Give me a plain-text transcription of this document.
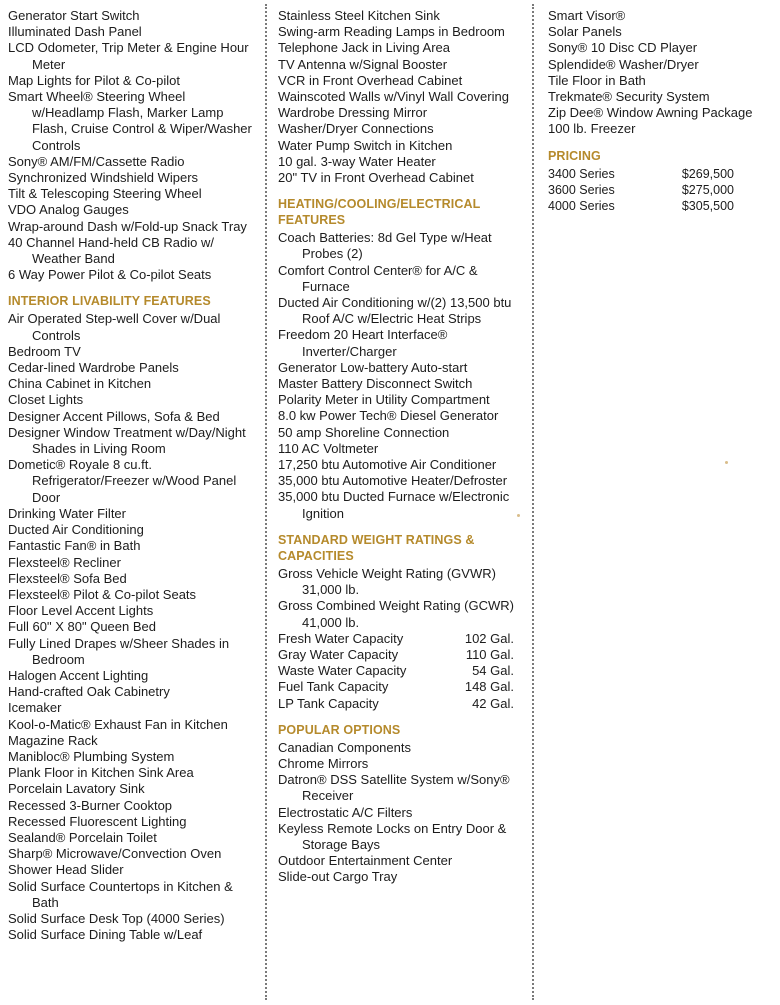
Generator Start Switch
Illuminated Dash Panel
LCD Odometer, Trip Meter & Engine Hour Meter
Map Lights for Pilot & Co-pilot
Smart Wheel® Steering Wheel w/Headlamp Flash, Marker Lamp Flash, Cruise Control & Wiper/Washer Controls
Sony® AM/FM/Cassette Radio
Synchronized Windshield Wipers
Tilt & Telescoping Steering Wheel
VDO Analog Gauges
Wrap-around Dash w/Fold-up Snack Tray
40 Channel Hand-held CB Radio w/ Weather Band
6 Way Power Pilot & Co-pilot Seats
INTERIOR LIVABILITY FEATURES
Air Operated Step-well Cover w/Dual Controls
Bedroom TV
Cedar-lined Wardrobe Panels
China Cabinet in Kitchen
Closet Lights
Designer Accent Pillows, Sofa & Bed
Designer Window Treatment w/Day/Night Shades in Living Room
Dometic® Royale 8 cu.ft. Refrigerator/Freezer w/Wood Panel Door
Drinking Water Filter
Ducted Air Conditioning
Fantastic Fan® in Bath
Flexsteel® Recliner
Flexsteel® Sofa Bed
Flexsteel® Pilot & Co-pilot Seats
Floor Level Accent Lights
Full 60" X 80" Queen Bed
Fully Lined Drapes w/Sheer Shades in Bedroom
Halogen Accent Lighting
Hand-crafted Oak Cabinetry
Icemaker
Kool-o-Matic® Exhaust Fan in Kitchen
Magazine Rack
Manibloc® Plumbing System
Plank Floor in Kitchen Sink Area
Porcelain Lavatory Sink
Recessed 3-Burner Cooktop
Recessed Fluorescent Lighting
Sealand® Porcelain Toilet
Sharp® Microwave/Convection Oven
Shower Head Slider
Solid Surface Countertops in Kitchen & Bath
Solid Surface Desk Top (4000 Series)
Solid Surface Dining Table w/Leaf
Stainless Steel Kitchen Sink
Swing-arm Reading Lamps in Bedroom
Telephone Jack in Living Area
TV Antenna w/Signal Booster
VCR in Front Overhead Cabinet
Wainscoted Walls w/Vinyl Wall Covering
Wardrobe Dressing Mirror
Washer/Dryer Connections
Water Pump Switch in Kitchen
10 gal. 3-way Water Heater
20" TV in Front Overhead Cabinet
HEATING/COOLING/ELECTRICAL FEATURES
Coach Batteries: 8d Gel Type w/Heat Probes (2)
Comfort Control Center® for A/C & Furnace
Ducted Air Conditioning w/(2) 13,500 btu Roof A/C w/Electric Heat Strips
Freedom 20 Heart Interface® Inverter/Charger
Generator Low-battery Auto-start
Master Battery Disconnect Switch
Polarity Meter in Utility Compartment
8.0 kw Power Tech® Diesel Generator
50 amp Shoreline Connection
110 AC Voltmeter
17,250 btu Automotive Air Conditioner
35,000 btu Automotive Heater/Defroster
35,000 btu Ducted Furnace w/Electronic Ignition
STANDARD WEIGHT RATINGS & CAPACITIES
Gross Vehicle Weight Rating (GVWR) 31,000 lb.
Gross Combined Weight Rating (GCWR) 41,000 lb.
Fresh Water Capacity	102 Gal.
Gray Water Capacity	110 Gal.
Waste Water Capacity	54 Gal.
Fuel Tank Capacity	148 Gal.
LP Tank Capacity	42 Gal.
POPULAR OPTIONS
Canadian Components
Chrome Mirrors
Datron® DSS Satellite System w/Sony® Receiver
Electrostatic A/C Filters
Keyless Remote Locks on Entry Door & Storage Bays
Outdoor Entertainment Center
Slide-out Cargo Tray
Smart Visor®
Solar Panels
Sony® 10 Disc CD Player
Splendide® Washer/Dryer
Tile Floor in Bath
Trekmate® Security System
Zip Dee® Window Awning Package
100 lb. Freezer
PRICING
3400 Series	$269,500
3600 Series	$275,000
4000 Series	$305,500
